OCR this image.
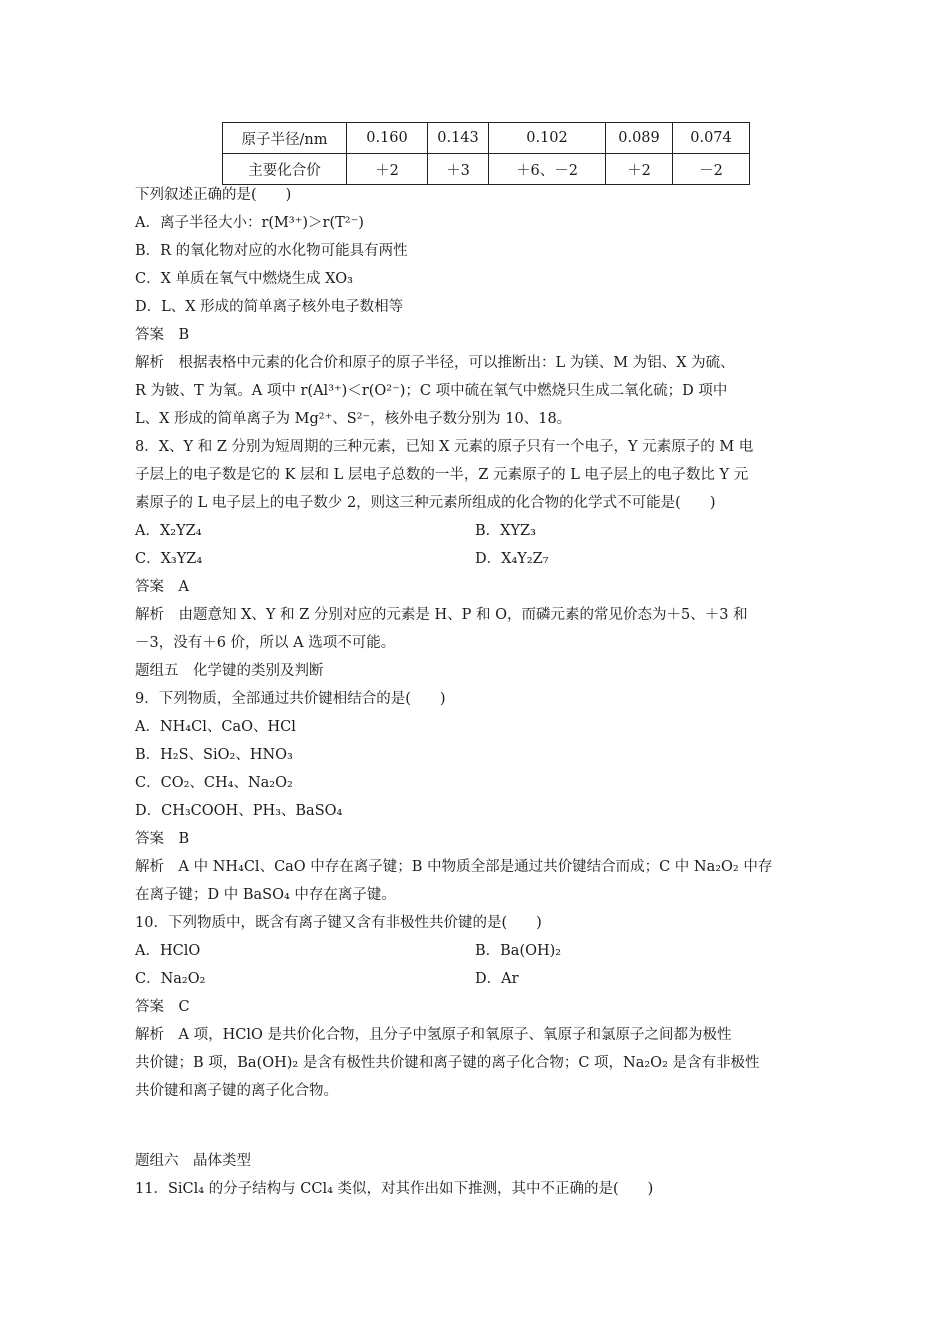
原子半径/nm	0.160	0.143	0.102	0.089	0.074
主要化合价	＋2	＋3	＋6、－2	＋2	－2
下列叙述正确的是(　　)
A．离子半径大小：r(M³⁺)＞r(T²⁻)
B．R 的氧化物对应的水化物可能具有两性
C．X 单质在氧气中燃烧生成 XO₃
D．L、X 形成的简单离子核外电子数相等
答案　B
解析　根据表格中元素的化合价和原子的原子半径，可以推断出：L 为镁、M 为铝、X 为硫、
R 为铍、T 为氧。A 项中 r(Al³⁺)＜r(O²⁻)；C 项中硫在氧气中燃烧只生成二氧化硫；D 项中
L、X 形成的简单离子为 Mg²⁺、S²⁻，核外电子数分别为 10、18。
8．X、Y 和 Z 分别为短周期的三种元素，已知 X 元素的原子只有一个电子，Y 元素原子的 M 电
子层上的电子数是它的 K 层和 L 层电子总数的一半，Z 元素原子的 L 电子层上的电子数比 Y 元
素原子的 L 电子层上的电子数少 2，则这三种元素所组成的化合物的化学式不可能是(　　)
A．X₂YZ₄	B．XYZ₃
C．X₃YZ₄	D．X₄Y₂Z₇
答案　A
解析　由题意知 X、Y 和 Z 分别对应的元素是 H、P 和 O，而磷元素的常见价态为＋5、＋3 和
－3，没有＋6 价，所以 A 选项不可能。
题组五　化学键的类别及判断
9．下列物质，全部通过共价键相结合的是(　　)
A．NH₄Cl、CaO、HCl
B．H₂S、SiO₂、HNO₃
C．CO₂、CH₄、Na₂O₂
D．CH₃COOH、PH₃、BaSO₄
答案　B
解析　A 中 NH₄Cl、CaO 中存在离子键；B 中物质全部是通过共价键结合而成；C 中 Na₂O₂ 中存
在离子键；D 中 BaSO₄ 中存在离子键。
10．下列物质中，既含有离子键又含有非极性共价键的是(　　)
A．HClO	B．Ba(OH)₂
C．Na₂O₂	D．Ar
答案　C
解析　A 项，HClO 是共价化合物，且分子中氢原子和氧原子、氧原子和氯原子之间都为极性
共价键；B 项，Ba(OH)₂ 是含有极性共价键和离子键的离子化合物；C 项，Na₂O₂ 是含有非极性
共价键和离子键的离子化合物。
题组六　晶体类型
11．SiCl₄ 的分子结构与 CCl₄ 类似，对其作出如下推测，其中不正确的是(　　)
